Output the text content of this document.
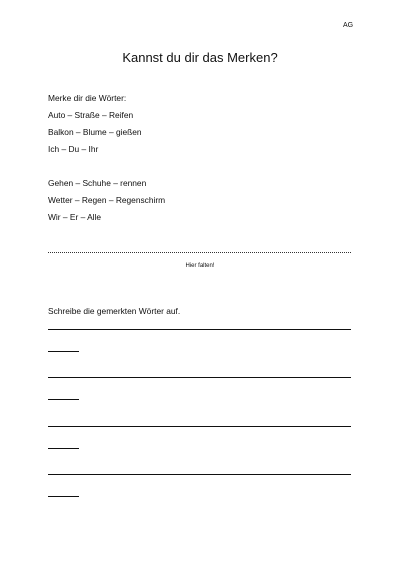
AG
Kannst du dir das Merken?
Merke dir die Wörter:
Auto – Straße – Reifen
Balkon – Blume – gießen
Ich – Du – Ihr
Gehen – Schuhe – rennen
Wetter – Regen – Regenschirm
Wir – Er – Alle
Hier falten!
Schreibe die gemerkten Wörter auf.
